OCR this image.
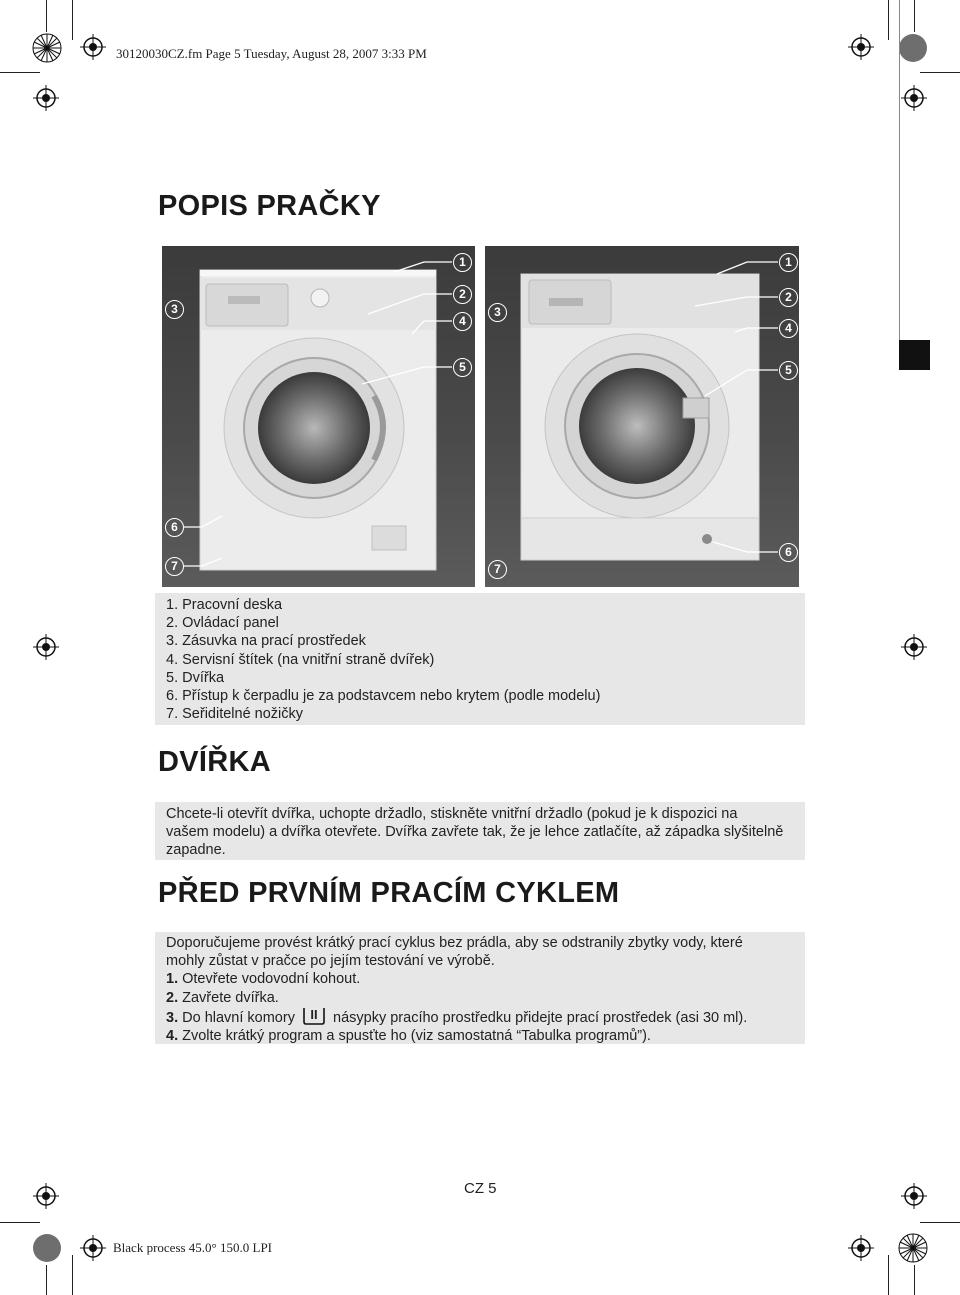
30120030CZ.fm Page 5 Tuesday, August 28, 2007 3:33 PM
Black process 45.0° 150.0 LPI
POPIS PRAČKY
1
2
3
4
5
6
7
1
2
3
4
5
6
7
1. Pracovní deska
2. Ovládací panel
3. Zásuvka na prací prostředek
4. Servisní štítek (na vnitřní straně dvířek)
5. Dvířka
6. Přístup k čerpadlu je za podstavcem nebo krytem (podle modelu)
7. Seřiditelné nožičky
DVÍŘKA
Chcete-li otevřít dvířka, uchopte držadlo, stiskněte vnitřní držadlo (pokud je k dispozici na
vašem modelu) a dvířka otevřete. Dvířka zavřete tak, že je lehce zatlačíte, až západka slyšitelně
zapadne.
PŘED PRVNÍM PRACÍM CYKLEM
Doporučujeme provést krátký prací cyklus bez prádla, aby se odstranily zbytky vody, které
mohly zůstat v pračce po jejím testování ve výrobě.
1. Otevřete vodovodní kohout.
2. Zavřete dvířka.
3. Do hlavní komory	II	násypky pracího prostředku přidejte prací prostředek (asi 30 ml).
4. Zvolte krátký program a spusťte ho (viz samostatná “Tabulka programů”).
CZ 5
